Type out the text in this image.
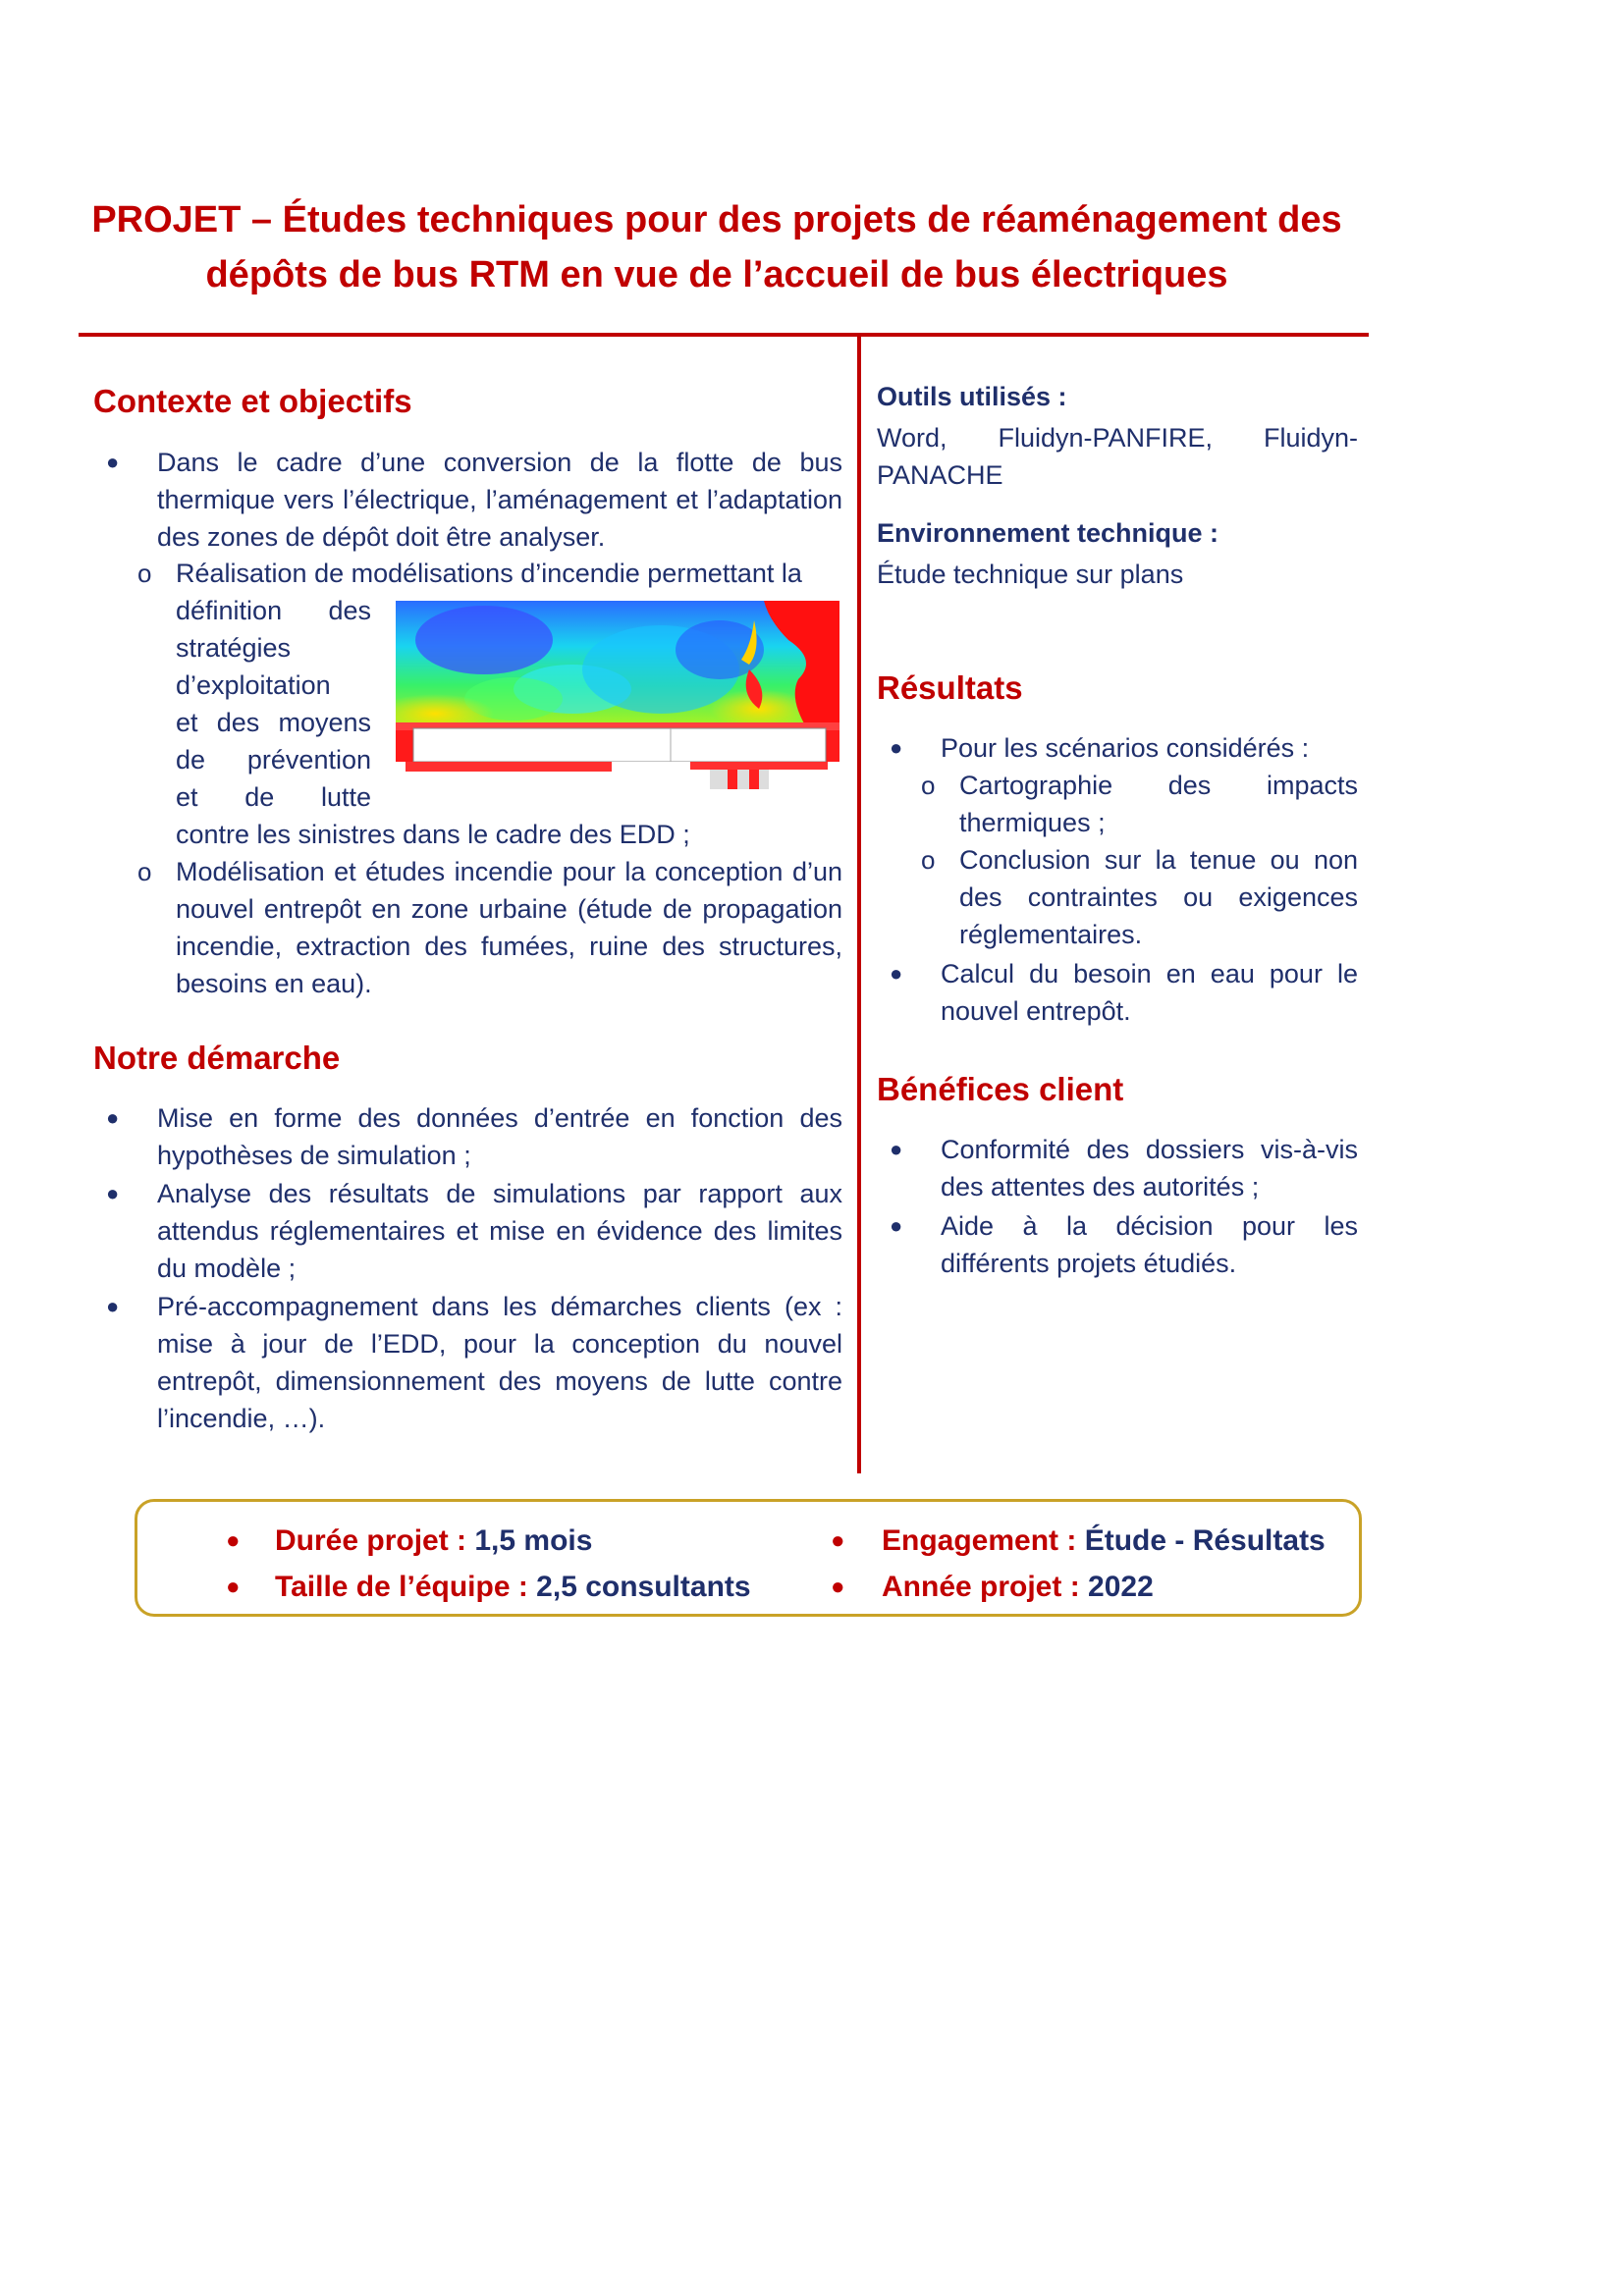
PROJET – Études techniques pour des projets de réaménagement des
dépôts de bus RTM en vue de l’accueil de bus électriques
Contexte et objectifs
● Dans le cadre d’une conversion de la flotte de bus thermique vers l’électrique, l’aménagement et l’adaptation des zones de dépôt doit être analyser.
o Réalisation de modélisations d’incendie permettant la

définition des

stratégies

d’exploitation

et des moyens

de prévention

et de lutte

contre les sinistres dans le cadre des EDD ;
o Modélisation et études incendie pour la conception d’un nouvel entrepôt en zone urbaine (étude de propagation incendie, extraction des fumées, ruine des structures, besoins en eau).
Notre démarche
● Mise en forme des données d’entrée en fonction des hypothèses de simulation ;
● Analyse des résultats de simulations par rapport aux attendus réglementaires et mise en évidence des limites du modèle ;
● Pré-accompagnement dans les démarches clients (ex : mise à jour de l’EDD, pour la conception du nouvel entrepôt, dimensionnement des moyens de lutte contre l’incendie, …).
Outils utilisés :
Word, Fluidyn-PANFIRE, Fluidyn-PANACHE
Environnement technique :
Étude technique sur plans
Résultats
● Pour les scénarios considérés :
o Cartographie des impacts thermiques ;
o Conclusion sur la tenue ou non des contraintes ou exigences réglementaires.
● Calcul du besoin en eau pour le nouvel entrepôt.
Bénéfices client
● Conformité des dossiers vis-à-vis des attentes des autorités ;
● Aide à la décision pour les différents projets étudiés.
● Durée projet : 1,5 mois
● Taille de l’équipe : 2,5 consultants
● Engagement : Étude - Résultats
● Année projet : 2022
